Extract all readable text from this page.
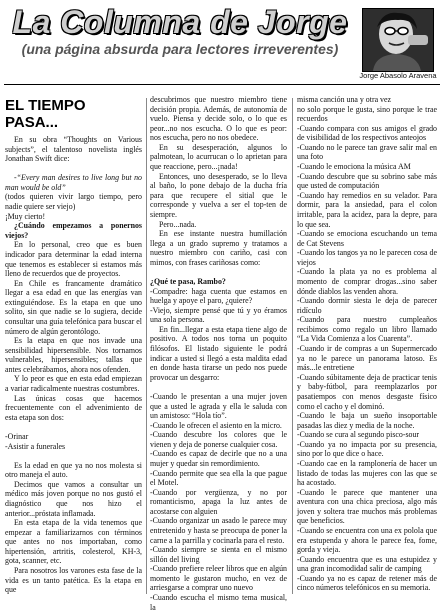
La Columna de Jorge
(una página absurda para lectores irreverentes)
Jorge Abasolo Aravena
EL TIEMPO
PASA...

En su obra “Thoughts on Various subjects”, el talentoso novelista inglés Jonathan Swift dice:

-“Every man desires to live long but no man would be old”

(todos quieren vivir largo tiempo, pero nadie quiere ser viejo)

¡Muy cierto!

¿Cuándo empezamos a ponernos viejos?

En lo personal, creo que es buen indicador para determinar la edad interna que tenemos es establecer si estamos más lleno de recuerdos que de proyectos.

En Chile es francamente dramático llegar a esa edad en que las energías van extinguiéndose. Es la etapa en que uno solito, sin que nadie se lo sugiera, decide consultar una guía telefónica para buscar el número de algún gerontólogo.

Es la etapa en que nos invade una sensibilidad hipersensible. Nos tornamos vulnerables, hipersensibles; tallas que antes celebrábamos, ahora nos ofenden.

Y lo peor es que en esta edad empiezan a variar radicalmente nuestras costumbres.

Las únicas cosas que hacemos frecuentemente con el advenimiento de esta etapa son dos:

-Orinar

-Asistir a funerales

Es la edad en que ya no nos molesta si otro maneja el auto.

Decimos que vamos a consultar un médico más joven porque no nos gustó el diagnóstico que nos hizo el anterior...próstata inflamada.

En esta etapa de la vida tenemos que empezar a familiarizarnos con términos que antes no nos importaban, como hipertensión, artritis, colesterol, KH-3, gota, scanner, etc.

Para nosotros los varones esta fase de la vida es un tanto patética. Es la etapa en que

descubrimos que nuestro miembro tiene decisión propia. Además, de autonomía de vuelo. Piensa y decide solo, o lo que es peor...no nos escucha. O lo que es peor: nos escucha, pero no nos obedece.

En su desesperación, algunos lo palmotean, lo acurrucan o lo aprietan para que reaccione, pero...¡nada!

Entonces, uno desesperado, se lo lleva al baño, lo pone debajo de la ducha fría para que recupere el sitial que le corresponde y vuelva a ser el top-ten de siempre.

Pero...nada.

En ese instante nuestra humillación llega a un grado supremo y tratamos a nuestro miembro con cariño, casi con mimos, con frases cariñosas como:

¿Qué te pasa, Rambo?

-Compadre: haga cuenta que estamos en huelga y apoye el paro, ¿quiere?

-Viejo, siempre pensé que tú y yo éramos una sola persona.

En fin...llegar a esta etapa tiene algo de positivo. A todos nos torna un poquito filósofos. El listado siguiente le podrá indicar a usted si llegó a esta maldita edad en donde hasta tirarse un pedo nos puede provocar un desgarro:

-Cuando le presentan a una mujer joven que a usted le agrada y ella le saluda con un amistoso: “Hola tío”.

-Cuando le ofrecen el asiento en la micro.

-Cuando descubre los colores que le vienen y deja de ponerse cualquier cosa.

-Cuando es capaz de decirle que no a una mujer y quedar sin remordimiento.

-Cuando permite que sea ella la que pague el Motel.

-Cuando por vergüenza, y no por romanticismo, apaga la luz antes de acostarse con alguien

-Cuando organizar un asado le parece muy entretenido y hasta se preocupa de poner la carne a la parrilla y cocinarla para el resto.

-Cuando siempre se sienta en el mismo sillón del living

-Cuando prefiere releer libros que en algún momento le gustaron mucho, en vez de arriesgarse a comprar uno nuevo

-Cuando escucha el mismo tema musical, la

misma canción una y otra vez

no solo porque le gusta, sino porque le trae recuerdos

-Cuando compara con sus amigos el grado de visibilidad de los respectivos anteojos

-Cuando no le parece tan grave salir mal en una foto

-Cuando le emociona la música AM

-Cuando descubre que su sobrino sabe más que usted de computación

-Cuando hay remedios en su velador. Para dormir, para la ansiedad, para el colon irritable, para la acidez, para la depre, para lo que sea.

-Cuando se emociona escuchando un tema de Cat Stevens

-Cuando los tangos ya no le parecen cosa de viejos

-Cuando la plata ya no es problema al momento de comprar drogas...sino saber dónde diablos las venden ahora.

-Cuando dormir siesta le deja de parecer ridículo

-Cuando para nuestro cumpleaños recibimos como regalo un libro llamado “La Vida Comienza a los Cuarenta”.

-Cuando ir de compras a un Supermercado ya no le parece un panorama latoso. Es más...le entretiene

-Cuando súbitamente deja de practicar tenis y baby-fútbol, para reemplazarlos por pasatiempos con menos desgaste físico como el cacho y el dominó.

-Cuando le baja un sueño insoportable pasadas las diez y media de la noche.

-Cuando se cura al segundo pisco-sour

-Cuando ya no impacta por su presencia, sino por lo que dice o hace.

-Cuando cae en la ramplonería de hacer un listado de todas las mujeres con las que se ha acostado.

-Cuando le parece que mantener una aventura con una chica preciosa, algo más joven y soltera trae muchos más problemas que beneficios.

-Cuando se encuentra con una ex polola que era estupenda y ahora le parece fea, fome, gorda y vieja.

-Cuando encuentra que es una estupidez y una gran incomodidad salir de camping

-Cuando ya no es capaz de retener más de cinco números telefónicos en su memoria.
